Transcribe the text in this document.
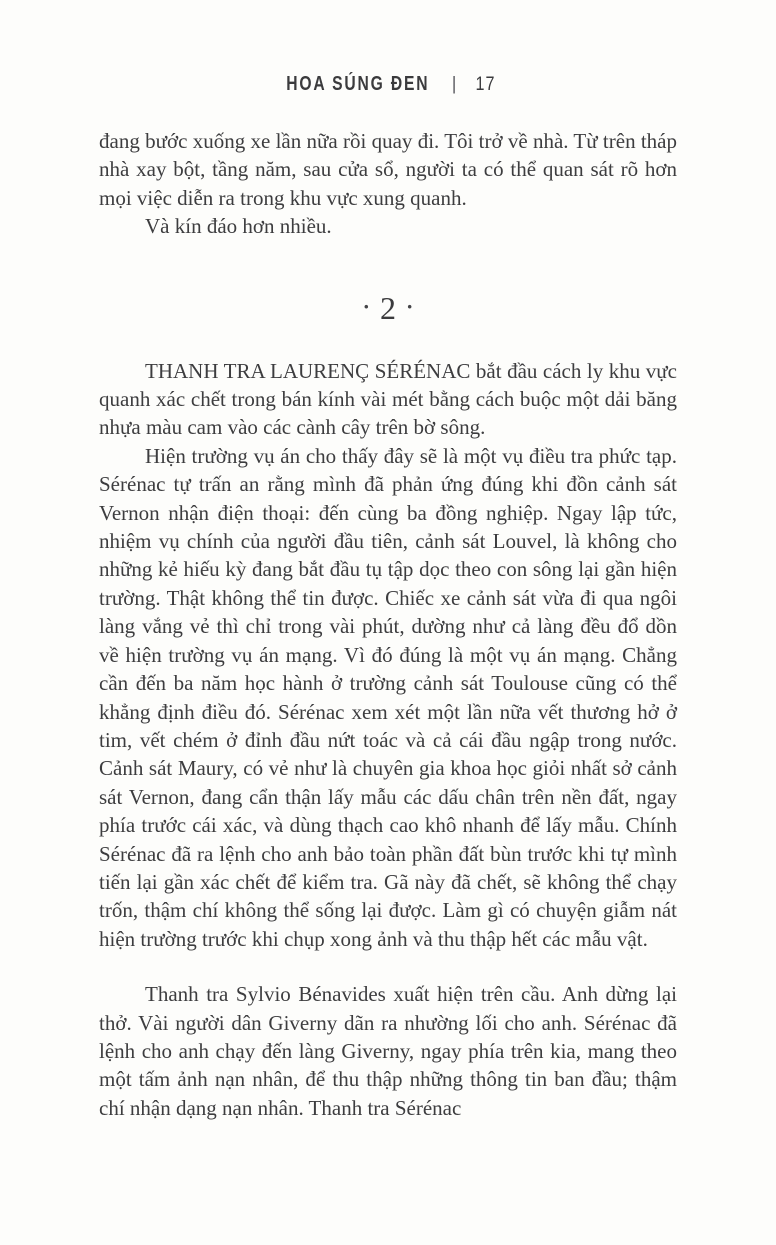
HOA SÚNG ĐEN | 17

đang bước xuống xe lần nữa rồi quay đi. Tôi trở về nhà. Từ trên tháp nhà xay bột, tầng năm, sau cửa sổ, người ta có thể quan sát rõ hơn mọi việc diễn ra trong khu vực xung quanh.

Và kín đáo hơn nhiều.

· 2 ·

THANH TRA LAURENÇ SÉRÉNAC bắt đầu cách ly khu vực quanh xác chết trong bán kính vài mét bằng cách buộc một dải băng nhựa màu cam vào các cành cây trên bờ sông.

Hiện trường vụ án cho thấy đây sẽ là một vụ điều tra phức tạp. Sérénac tự trấn an rằng mình đã phản ứng đúng khi đồn cảnh sát Vernon nhận điện thoại: đến cùng ba đồng nghiệp. Ngay lập tức, nhiệm vụ chính của người đầu tiên, cảnh sát Louvel, là không cho những kẻ hiếu kỳ đang bắt đầu tụ tập dọc theo con sông lại gần hiện trường. Thật không thể tin được. Chiếc xe cảnh sát vừa đi qua ngôi làng vắng vẻ thì chỉ trong vài phút, dường như cả làng đều đổ dồn về hiện trường vụ án mạng. Vì đó đúng là một vụ án mạng. Chẳng cần đến ba năm học hành ở trường cảnh sát Toulouse cũng có thể khẳng định điều đó. Sérénac xem xét một lần nữa vết thương hở ở tim, vết chém ở đỉnh đầu nứt toác và cả cái đầu ngập trong nước. Cảnh sát Maury, có vẻ như là chuyên gia khoa học giỏi nhất sở cảnh sát Vernon, đang cẩn thận lấy mẫu các dấu chân trên nền đất, ngay phía trước cái xác, và dùng thạch cao khô nhanh để lấy mẫu. Chính Sérénac đã ra lệnh cho anh bảo toàn phần đất bùn trước khi tự mình tiến lại gần xác chết để kiểm tra. Gã này đã chết, sẽ không thể chạy trốn, thậm chí không thể sống lại được. Làm gì có chuyện giẫm nát hiện trường trước khi chụp xong ảnh và thu thập hết các mẫu vật.

Thanh tra Sylvio Bénavides xuất hiện trên cầu. Anh dừng lại thở. Vài người dân Giverny dãn ra nhường lối cho anh. Sérénac đã lệnh cho anh chạy đến làng Giverny, ngay phía trên kia, mang theo một tấm ảnh nạn nhân, để thu thập những thông tin ban đầu; thậm chí nhận dạng nạn nhân. Thanh tra Sérénac
